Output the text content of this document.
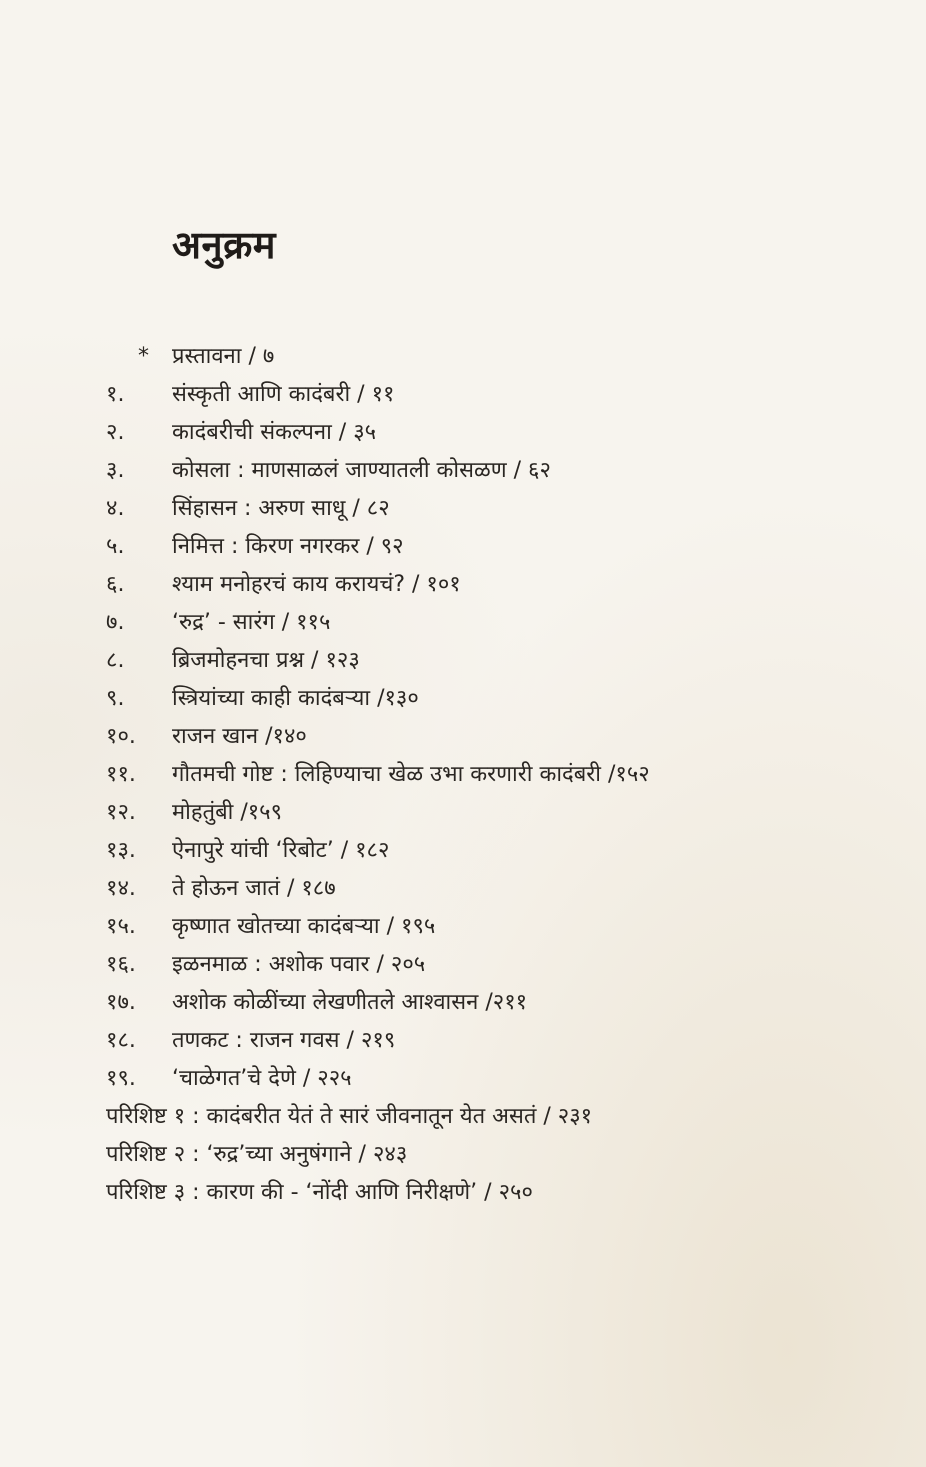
अनुक्रम
*	प्रस्तावना / ७
१.	संस्कृती आणि कादंबरी / ११
२.	कादंबरीची संकल्पना / ३५
३.	कोसला : माणसाळलं जाण्यातली कोसळण / ६२
४.	सिंहासन : अरुण साधू / ८२
५.	निमित्त : किरण नगरकर / ९२
६.	श्याम मनोहरचं काय करायचं? / १०१
७.	‘रुद्र’ - सारंग / ११५
८.	ब्रिजमोहनचा प्रश्न / १२३
९.	स्त्रियांच्या काही कादंबऱ्या /१३०
१०.	राजन खान /१४०
११.	गौतमची गोष्ट : लिहिण्याचा खेळ उभा करणारी कादंबरी /१५२
१२.	मोहतुंबी /१५९
१३.	ऐनापुरे यांची ‘रिबोट’ / १८२
१४.	ते होऊन जातं / १८७
१५.	कृष्णात खोतच्या कादंबऱ्या / १९५
१६.	इळनमाळ : अशोक पवार / २०५
१७.	अशोक कोळींच्या लेखणीतले आश्वासन /२११
१८.	तणकट : राजन गवस / २१९
१९.	‘चाळेगत’चे देणे / २२५
परिशिष्ट १ : कादंबरीत येतं ते सारं जीवनातून येत असतं / २३१
परिशिष्ट २ : ‘रुद्र’च्या अनुषंगाने / २४३
परिशिष्ट ३ : कारण की - ‘नोंदी आणि निरीक्षणे’ / २५०
